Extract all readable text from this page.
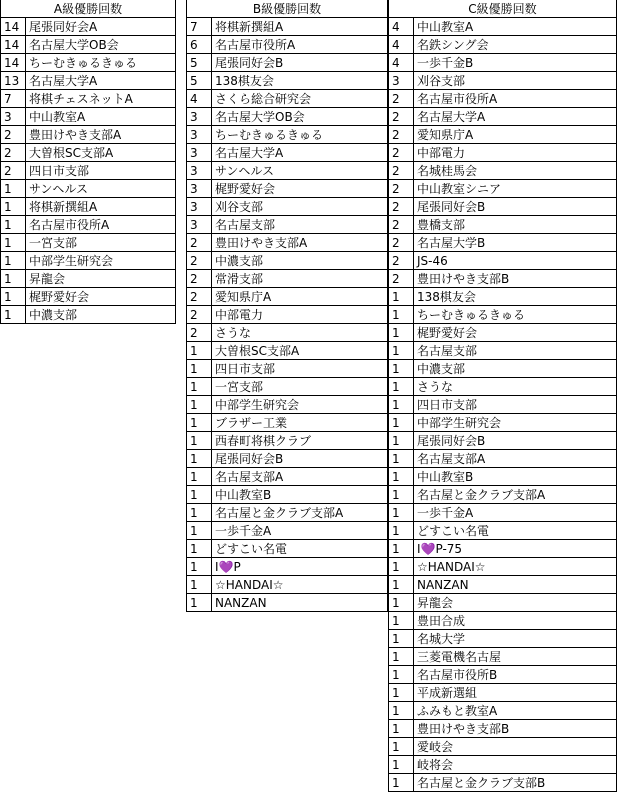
A級優勝回数	
14	尾張同好会A
14	名古屋大学OB会
14	ちーむきゅるきゅる
13	名古屋大学A
7	将棋チェスネットA
3	中山教室A
2	豊田けやき支部A
2	大曽根SC支部A
2	四日市支部
1	サンヘルス
1	将棋新撰組A
1	名古屋市役所A
1	一宮支部
1	中部学生研究会
1	昇龍会
1	梶野愛好会
1	中濃支部
B級優勝回数	
7	将棋新撰組A
6	名古屋市役所A
5	尾張同好会B
5	138棋友会
4	さくら総合研究会
3	名古屋大学OB会
3	ちーむきゅるきゅる
3	名古屋大学A
3	サンヘルス
3	梶野愛好会
3	刈谷支部
3	名古屋支部
2	豊田けやき支部A
2	中濃支部
2	常滑支部
2	愛知県庁A
2	中部電力
2	さうな
1	大曽根SC支部A
1	四日市支部
1	一宮支部
1	中部学生研究会
1	ブラザー工業
1	西春町将棋クラブ
1	尾張同好会B
1	名古屋支部A
1	中山教室B
1	名古屋と金クラブ支部A
1	一歩千金A
1	どすこい名電
1	I💜P
1	☆HANDAI☆
1	NANZAN
C級優勝回数	
4	中山教室A
4	名鉄シング会
4	一歩千金B
3	刈谷支部
2	名古屋市役所A
2	名古屋大学A
2	愛知県庁A
2	中部電力
2	名城桂馬会
2	中山教室シニア
2	尾張同好会B
2	豊橋支部
2	名古屋大学B
2	JS-46
2	豊田けやき支部B
1	138棋友会
1	ちーむきゅるきゅる
1	梶野愛好会
1	名古屋支部
1	中濃支部
1	さうな
1	四日市支部
1	中部学生研究会
1	尾張同好会B
1	名古屋支部A
1	中山教室B
1	名古屋と金クラブ支部A
1	一歩千金A
1	どすこい名電
1	I💜P-75
1	☆HANDAI☆
1	NANZAN
1	昇龍会
1	豊田合成
1	名城大学
1	三菱電機名古屋
1	名古屋市役所B
1	平成新選組
1	ふみもと教室A
1	豊田けやき支部B
1	愛岐会
1	岐将会
1	名古屋と金クラブ支部B
